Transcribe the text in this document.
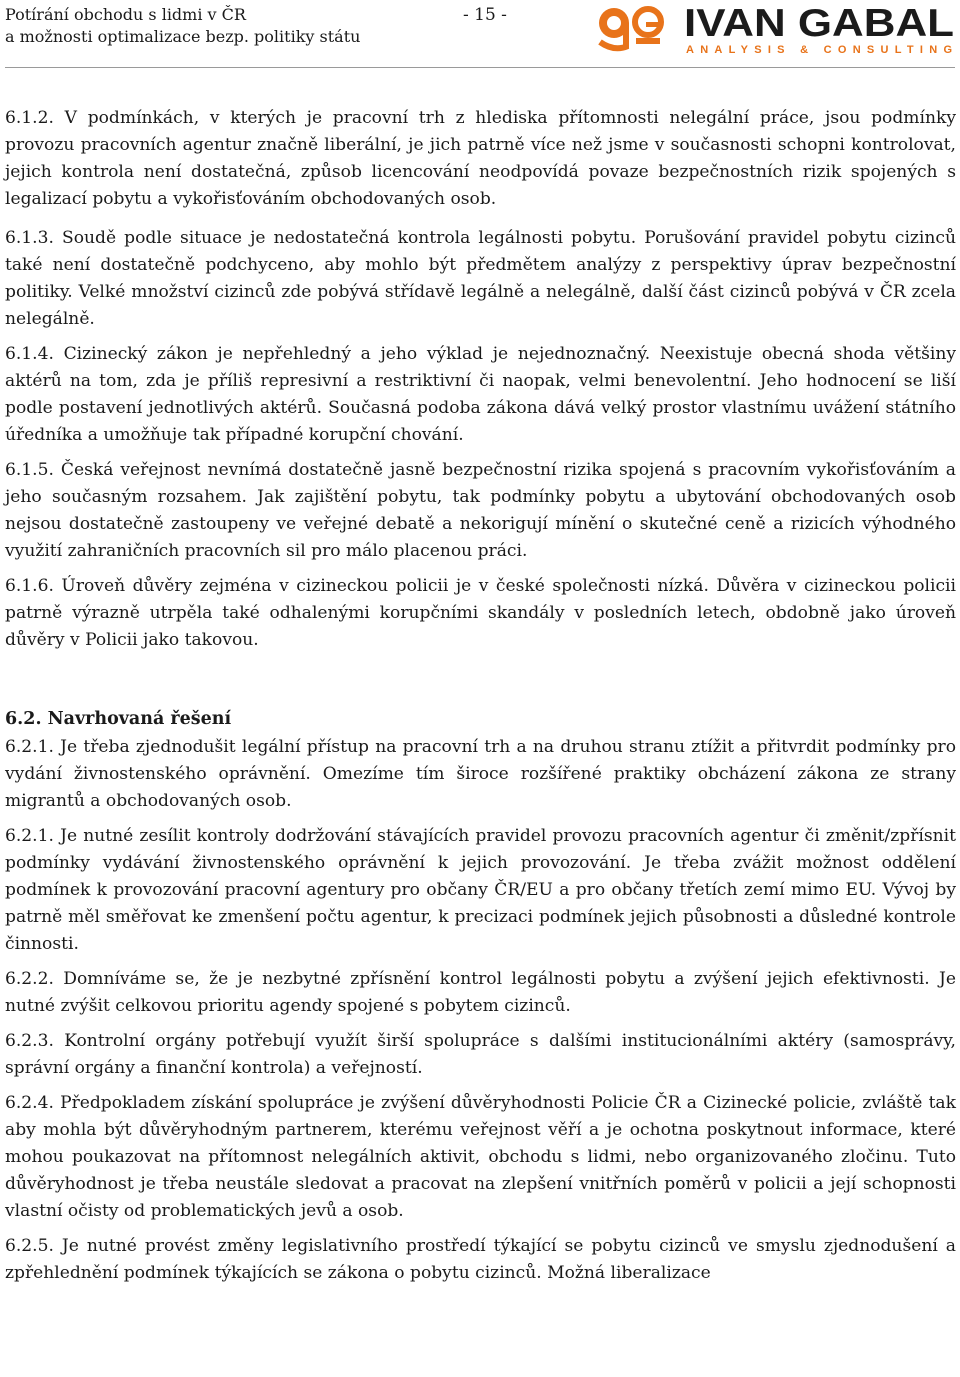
Potírání obchodu s lidmi v ČR
a možnosti optimalizace bezp. politiky státu
- 15 -	IVAN GABAL
ANALYSIS & CONSULTING

6.1.2. V podmínkách, v kterých je pracovní trh z hlediska přítomnosti nelegální práce, jsou podmínky provozu pracovních agentur značně liberální, je jich patrně více než jsme v současnosti schopni kontrolovat, jejich kontrola není dostatečná, způsob licencování neodpovídá povaze bezpečnostních rizik spojených s legalizací pobytu a vykořisťováním obchodovaných osob.

6.1.3. Soudě podle situace je nedostatečná kontrola legálnosti pobytu. Porušování pravidel pobytu cizinců také není dostatečně podchyceno, aby mohlo být předmětem analýzy z perspektivy úprav bezpečnostní politiky. Velké množství cizinců zde pobývá střídavě legálně a nelegálně, další část cizinců pobývá v ČR zcela nelegálně.

6.1.4. Cizinecký zákon je nepřehledný a jeho výklad je nejednoznačný. Neexistuje obecná shoda většiny aktérů na tom, zda je příliš represivní a restriktivní či naopak, velmi benevolentní. Jeho hodnocení se liší podle postavení jednotlivých aktérů. Současná podoba zákona dává velký prostor vlastnímu uvážení státního úředníka a umožňuje tak případné korupční chování.

6.1.5. Česká veřejnost nevnímá dostatečně jasně bezpečnostní rizika spojená s pracovním vykořisťováním a jeho současným rozsahem. Jak zajištění pobytu, tak podmínky pobytu a ubytování obchodovaných osob nejsou dostatečně zastoupeny ve veřejné debatě a nekorigují mínění o skutečné ceně a rizicích výhodného využití zahraničních pracovních sil pro málo placenou práci.

6.1.6. Úroveň důvěry zejména v cizineckou policii je v české společnosti nízká. Důvěra v cizineckou policii patrně výrazně utrpěla také odhalenými korupčními skandály v posledních letech, obdobně jako úroveň důvěry v Policii jako takovou.

6.2. Navrhovaná řešení

6.2.1. Je třeba zjednodušit legální přístup na pracovní trh a na druhou stranu ztížit a přitvrdit podmínky pro vydání živnostenského oprávnění. Omezíme tím široce rozšířené praktiky obcházení zákona ze strany migrantů a obchodovaných osob.

6.2.1. Je nutné zesílit kontroly dodržování stávajících pravidel provozu pracovních agentur či změnit/zpřísnit podmínky vydávání živnostenského oprávnění k jejich provozování. Je třeba zvážit možnost oddělení podmínek k provozování pracovní agentury pro občany ČR/EU a pro občany třetích zemí mimo EU. Vývoj by patrně měl směřovat ke zmenšení počtu agentur, k precizaci podmínek jejich působnosti a důsledné kontrole činnosti.

6.2.2. Domníváme se, že je nezbytné zpřísnění kontrol legálnosti pobytu a zvýšení jejich efektivnosti. Je nutné zvýšit celkovou prioritu agendy spojené s pobytem cizinců.

6.2.3. Kontrolní orgány potřebují využít širší spolupráce s dalšími institucionálními aktéry (samosprávy, správní orgány a finanční kontrola) a veřejností.

6.2.4. Předpokladem získání spolupráce je zvýšení důvěryhodnosti Policie ČR a Cizinecké policie, zvláště tak aby mohla být důvěryhodným partnerem, kterému veřejnost věří a je ochotna poskytnout informace, které mohou poukazovat na přítomnost nelegálních aktivit, obchodu s lidmi, nebo organizovaného zločinu. Tuto důvěryhodnost je třeba neustále sledovat a pracovat na zlepšení vnitřních poměrů v policii a její schopnosti vlastní očisty od problematických jevů a osob.

6.2.5. Je nutné provést změny legislativního prostředí týkající se pobytu cizinců ve smyslu zjednodušení a zpřehlednění podmínek týkajících se zákona o pobytu cizinců. Možná liberalizace
